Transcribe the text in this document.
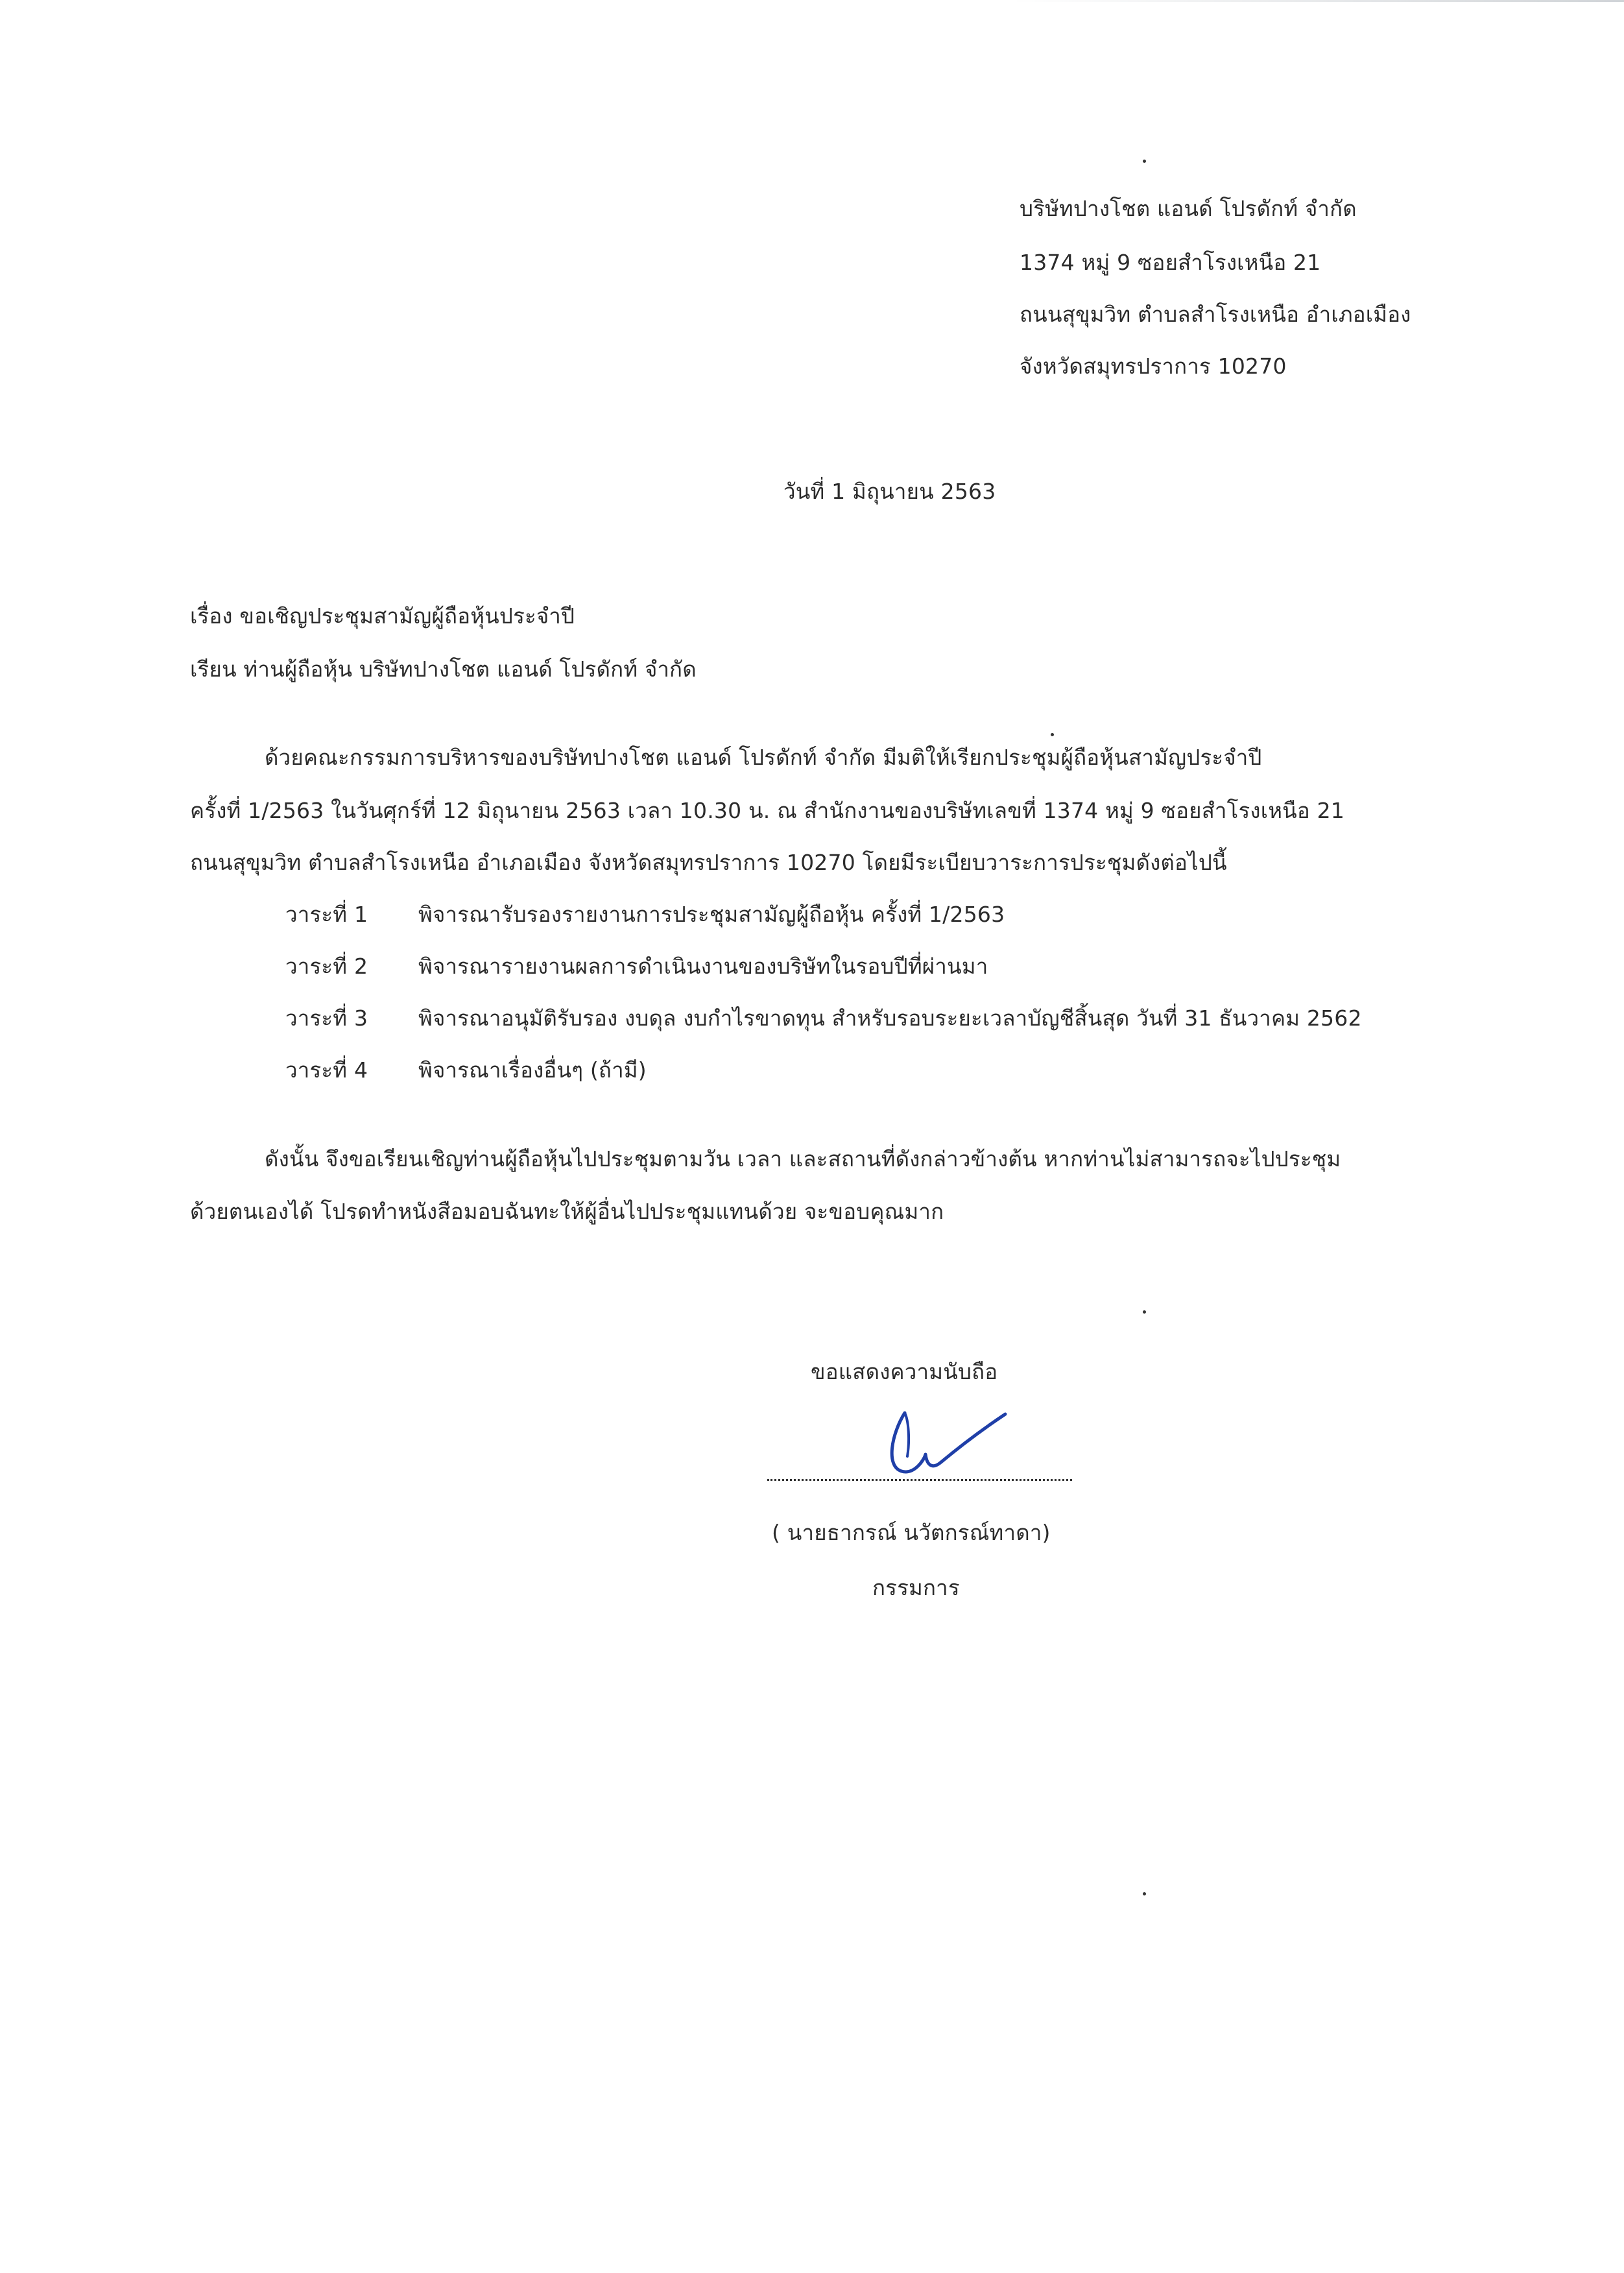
บริษัทปางโชต แอนด์ โปรดักท์ จำกัด
1374 หมู่ 9 ซอยสำโรงเหนือ 21
ถนนสุขุมวิท ตำบลสำโรงเหนือ อำเภอเมือง
จังหวัดสมุทรปราการ 10270
วันที่ 1 มิถุนายน 2563
เรื่อง ขอเชิญประชุมสามัญผู้ถือหุ้นประจำปี
เรียน ท่านผู้ถือหุ้น บริษัทปางโชต แอนด์ โปรดักท์ จำกัด
ด้วยคณะกรรมการบริหารของบริษัทปางโชต แอนด์ โปรดักท์ จำกัด มีมติให้เรียกประชุมผู้ถือหุ้นสามัญประจำปี
ครั้งที่ 1/2563 ในวันศุกร์ที่ 12 มิถุนายน 2563 เวลา 10.30 น. ณ สำนักงานของบริษัทเลขที่ 1374 หมู่ 9 ซอยสำโรงเหนือ 21
ถนนสุขุมวิท ตำบลสำโรงเหนือ อำเภอเมือง จังหวัดสมุทรปราการ 10270 โดยมีระเบียบวาระการประชุมดังต่อไปนี้
วาระที่ 1 พิจารณารับรองรายงานการประชุมสามัญผู้ถือหุ้น ครั้งที่ 1/2563
วาระที่ 2 พิจารณารายงานผลการดำเนินงานของบริษัทในรอบปีที่ผ่านมา
วาระที่ 3 พิจารณาอนุมัติรับรอง งบดุล งบกำไรขาดทุน สำหรับรอบระยะเวลาบัญชีสิ้นสุด วันที่ 31 ธันวาคม 2562
วาระที่ 4 พิจารณาเรื่องอื่นๆ (ถ้ามี)
ดังนั้น จึงขอเรียนเชิญท่านผู้ถือหุ้นไปประชุมตามวัน เวลา และสถานที่ดังกล่าวข้างต้น หากท่านไม่สามารถจะไปประชุม
ด้วยตนเองได้ โปรดทำหนังสือมอบฉันทะให้ผู้อื่นไปประชุมแทนด้วย จะขอบคุณมาก
ขอแสดงความนับถือ
( นายธากรณ์ นวัตกรณ์ทาดา)
กรรมการ
